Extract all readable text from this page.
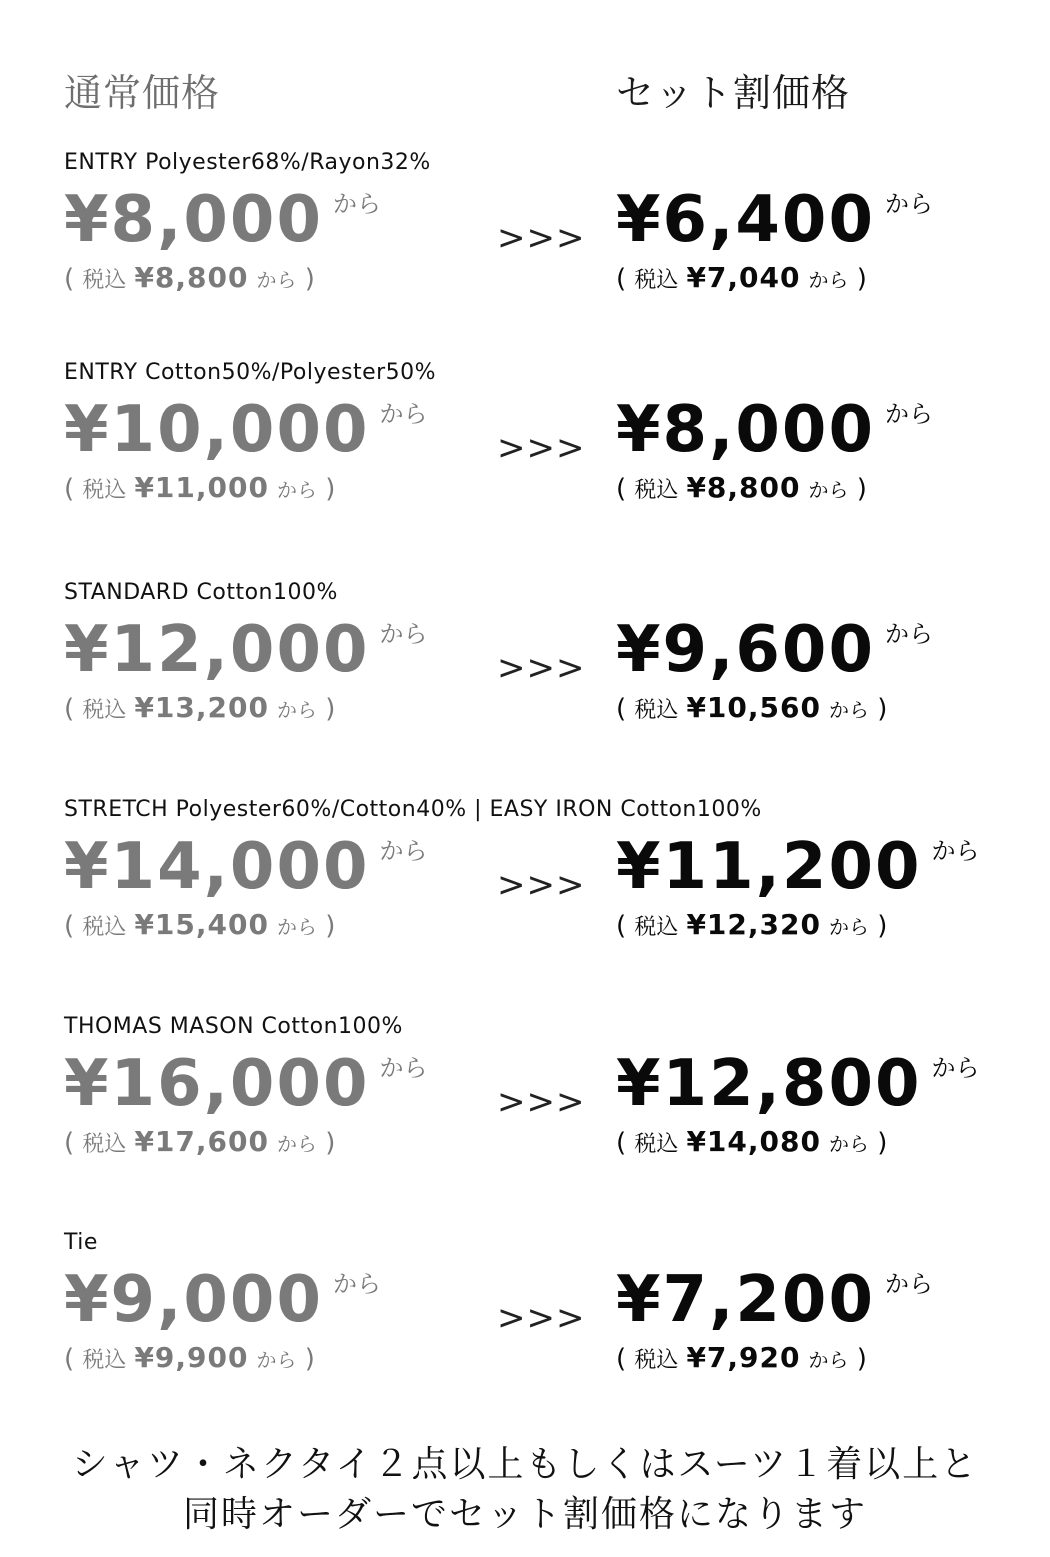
通常価格	セット割価格
ENTRY Polyester68%/Rayon32%
¥8,000 から
( 税込 ¥8,800 から )
>>> ¥6,400 から
( 税込 ¥7,040 から )
ENTRY Cotton50%/Polyester50%
¥10,000 から
( 税込 ¥11,000 から )
>>> ¥8,000 から
( 税込 ¥8,800 から )
STANDARD Cotton100%
¥12,000 から
( 税込 ¥13,200 から )
>>> ¥9,600 から
( 税込 ¥10,560 から )
STRETCH Polyester60%/Cotton40% | EASY IRON Cotton100%
¥14,000 から
( 税込 ¥15,400 から )
>>> ¥11,200 から
( 税込 ¥12,320 から )
THOMAS MASON Cotton100%
¥16,000 から
( 税込 ¥17,600 から )
>>> ¥12,800 から
( 税込 ¥14,080 から )
Tie
¥9,000 から
( 税込 ¥9,900 から )
>>> ¥7,200 から
( 税込 ¥7,920 から )
シャツ・ネクタイ２点以上もしくはスーツ１着以上と
同時オーダーでセット割価格になります
